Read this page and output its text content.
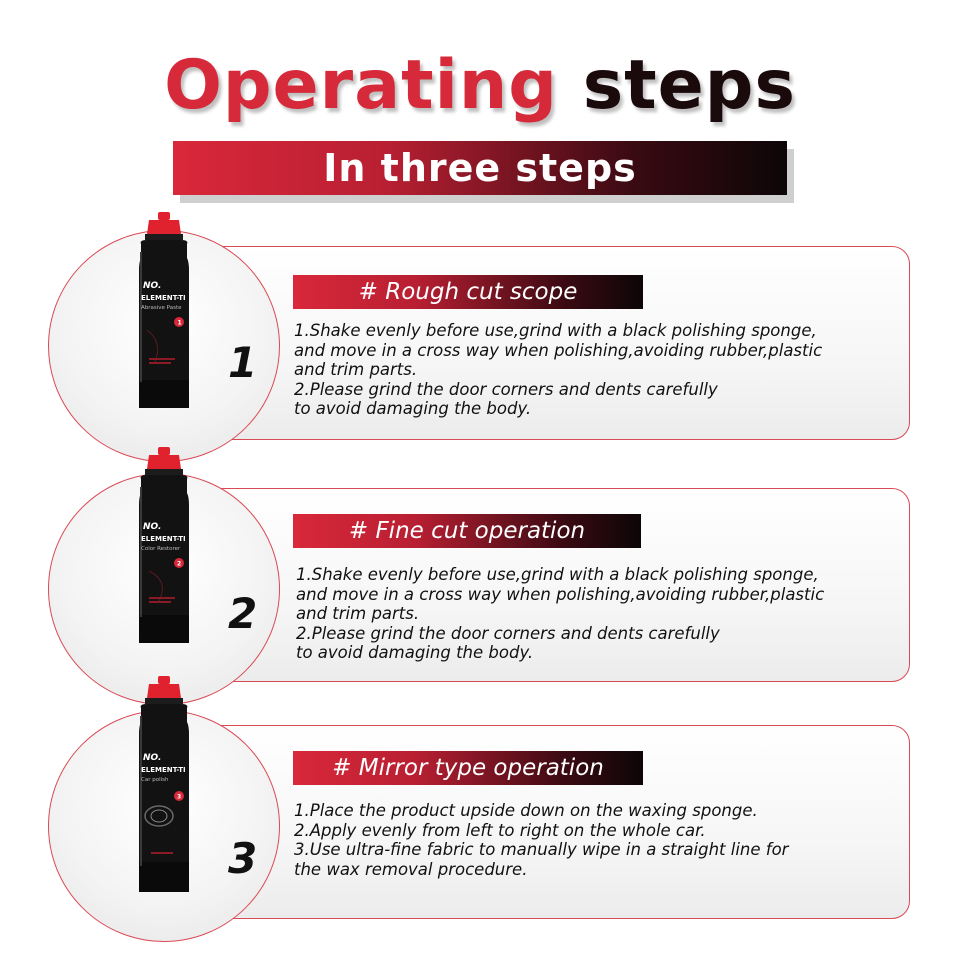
Operating steps
In three steps
1
NO.
ELEMENT-TI
Abrasive Paste
1
# Rough cut scope
1.Shake evenly before use,grind with a black polishing sponge,
and move in a cross way when polishing,avoiding rubber,plastic
and trim parts.
2.Please grind the door corners and dents carefully
to avoid damaging the body.
2
NO.
ELEMENT-TI
Color Restorer
2
# Fine cut operation
1.Shake evenly before use,grind with a black polishing sponge,
and move in a cross way when polishing,avoiding rubber,plastic
and trim parts.
2.Please grind the door corners and dents carefully
to avoid damaging the body.
3
NO.
ELEMENT-TI
Car polish
3
# Mirror type operation
1.Place the product upside down on the waxing sponge.
2.Apply evenly from left to right on the whole car.
3.Use ultra-fine fabric to manually wipe in a straight line for
the wax removal procedure.
